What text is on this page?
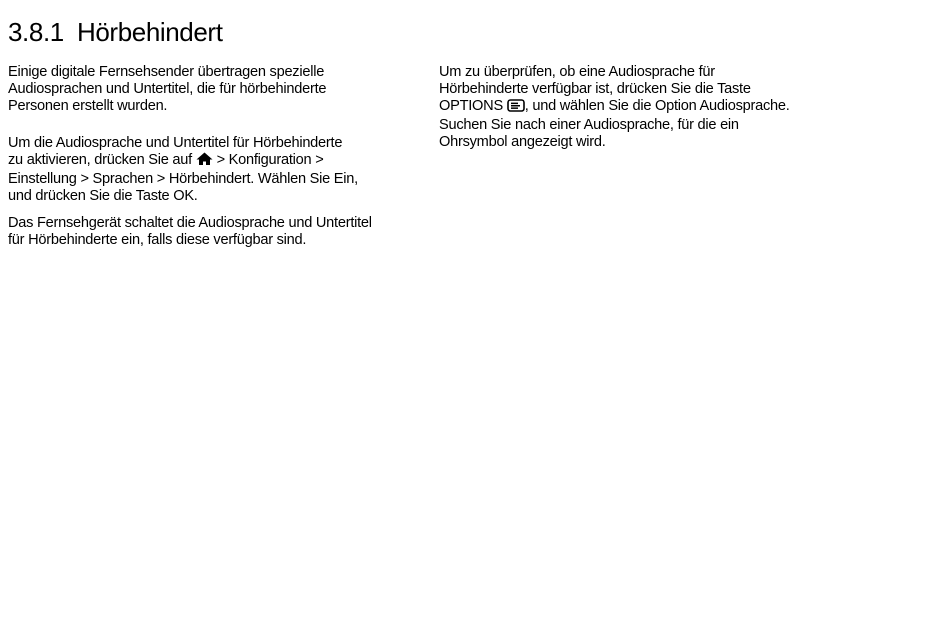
3.8.1 Hörbehindert

Einige digitale Fernsehsender übertragen spezielle

Audiosprachen und Untertitel, die für hörbehinderte

Personen erstellt wurden.

Um die Audiosprache und Untertitel für Hörbehinderte

zu aktivieren, drücken Sie auf > Konfiguration >

Einstellung > Sprachen > Hörbehindert. Wählen Sie Ein,

und drücken Sie die Taste OK.

Das Fernsehgerät schaltet die Audiosprache und Untertitel

für Hörbehinderte ein, falls diese verfügbar sind.

Um zu überprüfen, ob eine Audiosprache für

Hörbehinderte verfügbar ist, drücken Sie die Taste

OPTIONS , und wählen Sie die Option Audiosprache.

Suchen Sie nach einer Audiosprache, für die ein

Ohrsymbol angezeigt wird.
